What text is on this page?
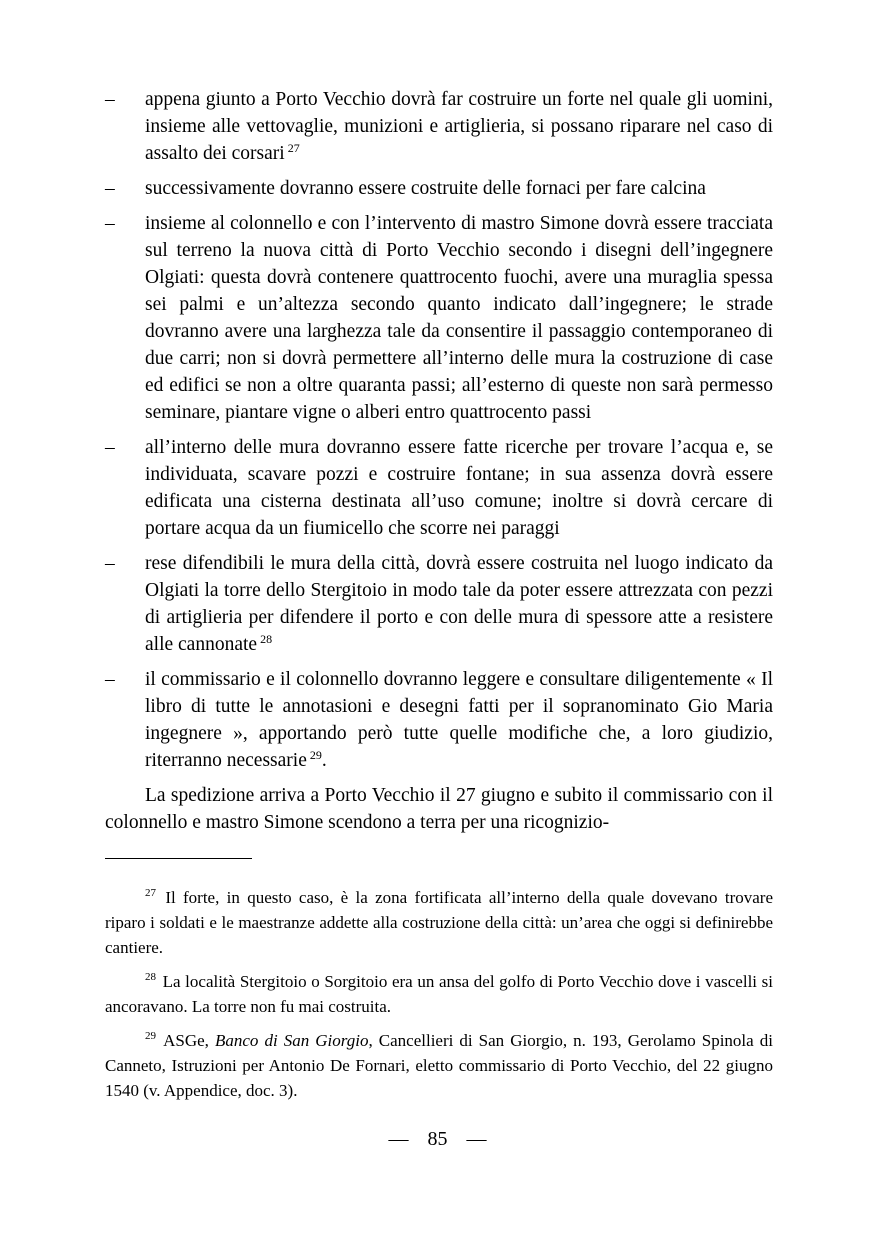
– appena giunto a Porto Vecchio dovrà far costruire un forte nel quale gli uomini, insieme alle vettovaglie, munizioni e artiglieria, si possano riparare nel caso di assalto dei corsari $^{27}$
– successivamente dovranno essere costruite delle fornaci per fare calcina
– insieme al colonnello e con l’intervento di mastro Simone dovrà essere tracciata sul terreno la nuova città di Porto Vecchio secondo i disegni dell’ingegnere Olgiati: questa dovrà contenere quattrocento fuochi, avere una muraglia spessa sei palmi e un’altezza secondo quanto indicato dall’ingegnere; le strade dovranno avere una larghezza tale da consentire il passaggio contemporaneo di due carri; non si dovrà permettere all’interno delle mura la costruzione di case ed edifici se non a oltre quaranta passi; all’esterno di queste non sarà permesso seminare, piantare vigne o alberi entro quattrocento passi
– all’interno delle mura dovranno essere fatte ricerche per trovare l’acqua e, se individuata, scavare pozzi e costruire fontane; in sua assenza dovrà essere edificata una cisterna destinata all’uso comune; inoltre si dovrà cercare di portare acqua da un fiumicello che scorre nei paraggi
– rese difendibili le mura della città, dovrà essere costruita nel luogo indicato da Olgiati la torre dello Stergitoio in modo tale da poter essere attrezzata con pezzi di artiglieria per difendere il porto e con delle mura di spessore atte a resistere alle cannonate $^{28}$
– il commissario e il colonnello dovranno leggere e consultare diligentemente « Il libro di tutte le annotasioni e desegni fatti per il sopranominato Gio Maria ingegnere », apportando però tutte quelle modifiche che, a loro giudizio, riterranno necessarie $^{29}$.

La spedizione arriva a Porto Vecchio il 27 giugno e subito il commissario con il colonnello e mastro Simone scendono a terra per una ricognizio-

$^{27}$ Il forte, in questo caso, è la zona fortificata all’interno della quale dovevano trovare riparo i soldati e le maestranze addette alla costruzione della città: un’area che oggi si definirebbe cantiere.

$^{28}$ La località Stergitoio o Sorgitoio era un ansa del golfo di Porto Vecchio dove i vascelli si ancoravano. La torre non fu mai costruita.

$^{29}$ ASGe, Banco di San Giorgio, Cancellieri di San Giorgio, n. 193, Gerolamo Spinola di Canneto, Istruzioni per Antonio De Fornari, eletto commissario di Porto Vecchio, del 22 giugno 1540 (v. Appendice, doc. 3).

— 85 —
